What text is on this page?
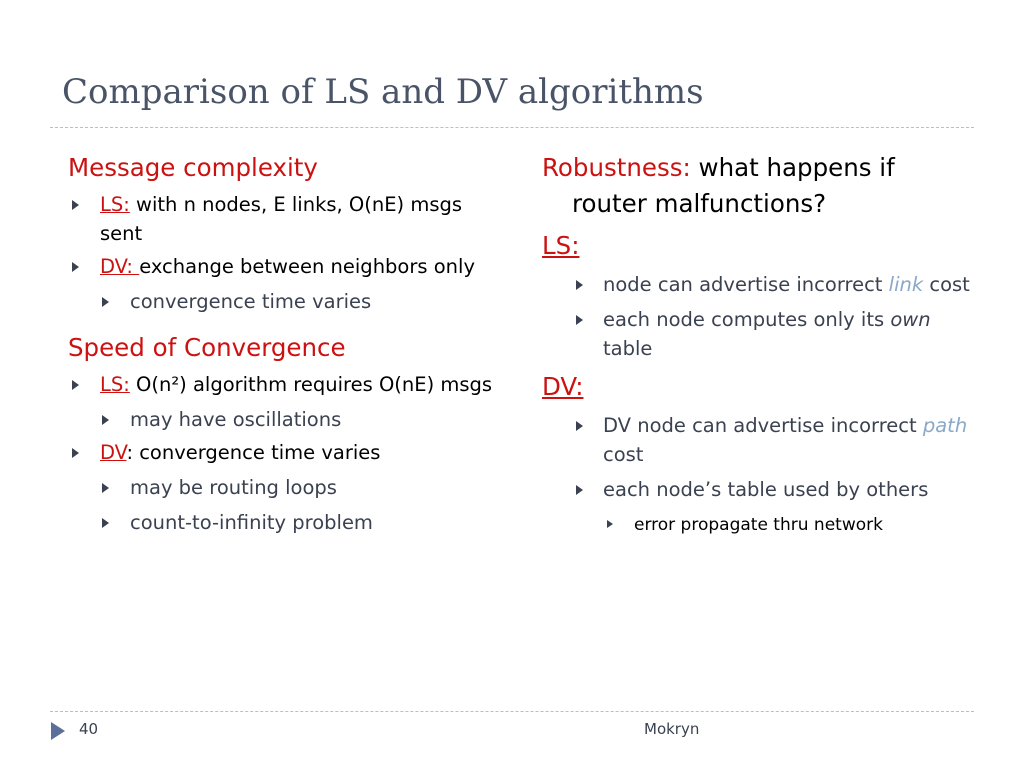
Comparison of LS and DV algorithms
Message complexity
LS: with n nodes, E links, O(nE) msgs sent
DV: exchange between neighbors only
convergence time varies
Speed of Convergence
LS: O(n²) algorithm requires O(nE) msgs
may have oscillations
DV: convergence time varies
may be routing loops
count-to-infinity problem
Robustness: what happens if router malfunctions?
LS:
node can advertise incorrect link cost
each node computes only its own table
DV:
DV node can advertise incorrect path cost
each node’s table used by others
error propagate thru network
40	Mokryn
